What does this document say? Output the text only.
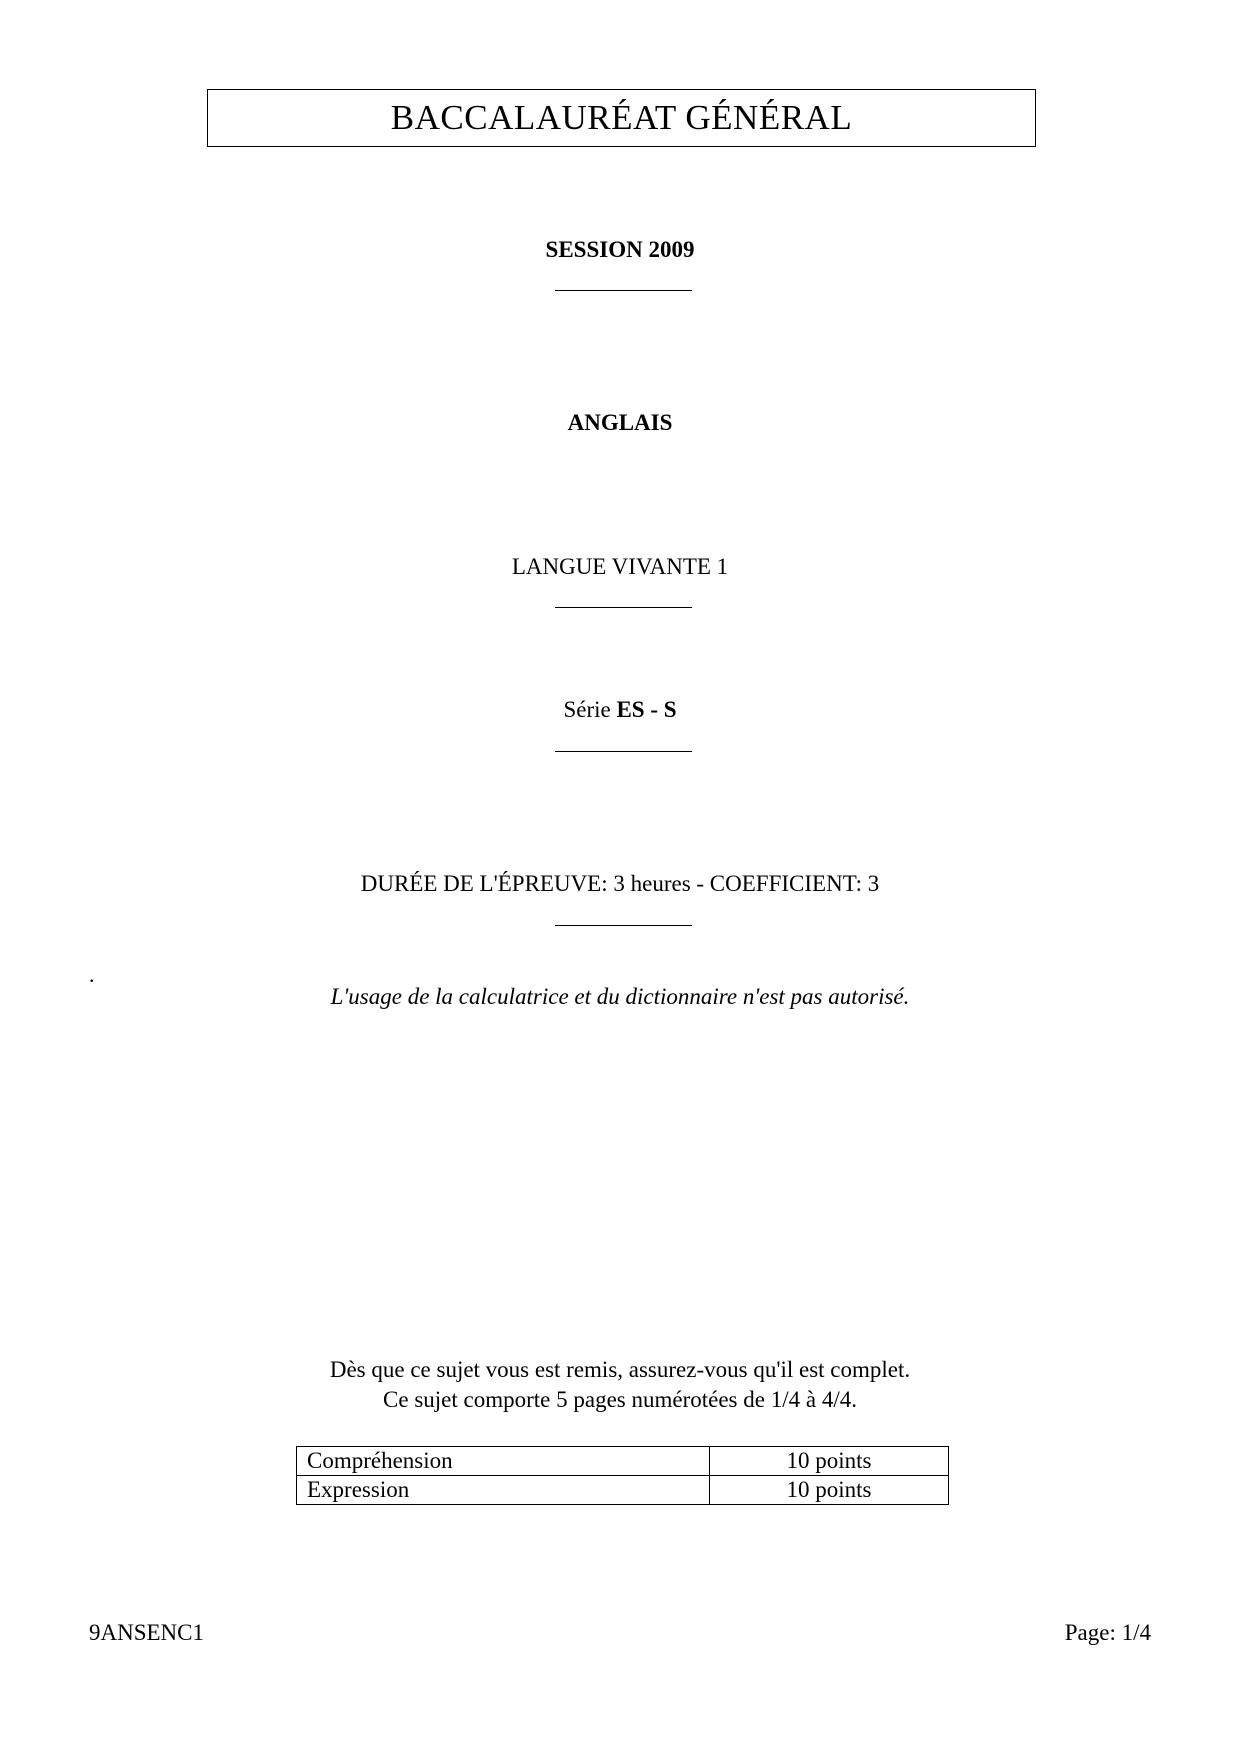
BACCALAURÉAT GÉNÉRAL
SESSION 2009
ANGLAIS
LANGUE VIVANTE 1
Série ES - S
DURÉE DE L'ÉPREUVE: 3 heures - COEFFICIENT: 3
.
L'usage de la calculatrice et du dictionnaire n'est pas autorisé.
Dès que ce sujet vous est remis, assurez-vous qu'il est complet.
Ce sujet comporte 5 pages numérotées de 1/4 à 4/4.
Compréhension	10 points
Expression	10 points
9ANSENC1	Page: 1/4
